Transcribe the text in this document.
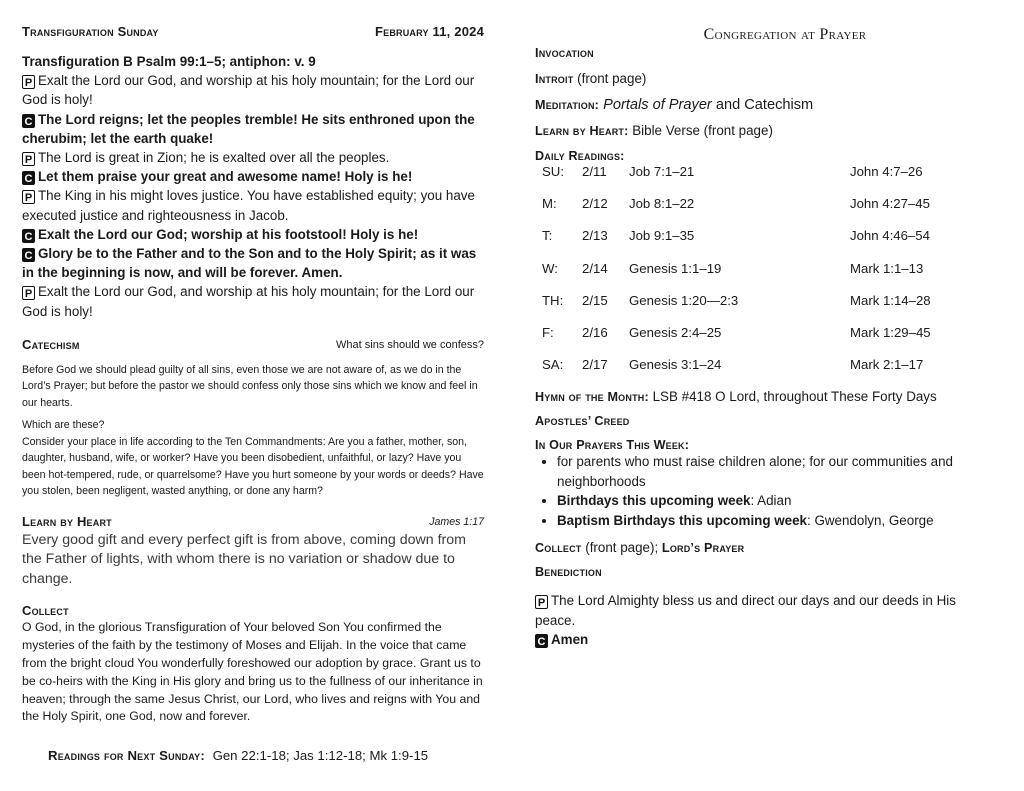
Transfiguration Sunday	February 11, 2024

Transfiguration B Psalm 99:1–5; antiphon: v. 9

P Exalt the Lord our God, and worship at his holy mountain; for the Lord our God is holy!

C The Lord reigns; let the peoples tremble! He sits enthroned upon the cherubim; let the earth quake!

P The Lord is great in Zion; he is exalted over all the peoples.

C Let them praise your great and awesome name! Holy is he!

P The King in his might loves justice. You have established equity; you have executed justice and righteousness in Jacob.

C Exalt the Lord our God; worship at his footstool! Holy is he!

C Glory be to the Father and to the Son and to the Holy Spirit; as it was in the beginning is now, and will be forever. Amen.

P Exalt the Lord our God, and worship at his holy mountain; for the Lord our God is holy!

Catechism	What sins should we confess?

Before God we should plead guilty of all sins, even those we are not aware of, as we do in the Lord’s Prayer; but before the pastor we should confess only those sins which we know and feel in our hearts.

Which are these?

Consider your place in life according to the Ten Commandments: Are you a father, mother, son, daughter, husband, wife, or worker? Have you been disobedient, unfaithful, or lazy? Have you been hot-tempered, rude, or quarrelsome? Have you hurt someone by your words or deeds? Have you stolen, been negligent, wasted anything, or done any harm?

Learn by Heart	James 1:17
Every good gift and every perfect gift is from above, coming down from the Father of lights, with whom there is no variation or shadow due to change.
Collect
O God, in the glorious Transfiguration of Your beloved Son You confirmed the mysteries of the faith by the testimony of Moses and Elijah. In the voice that came from the bright cloud You wonderfully foreshowed our adoption by grace. Grant us to be co-heirs with the King in His glory and bring us to the fullness of our inheritance in heaven; through the same Jesus Christ, our Lord, who lives and reigns with You and the Holy Spirit, one God, now and forever.
Readings for Next Sunday: Gen 22:1-18; Jas 1:12-18; Mk 1:9-15
Congregation at Prayer
Invocation
Introit (front page)
Meditation: Portals of Prayer and Catechism
Learn by Heart: Bible Verse (front page)
Daily Readings:
SU:	2/11	Job 7:1–21	John 4:7–26
M:	2/12	Job 8:1–22	John 4:27–45
T:	2/13	Job 9:1–35	John 4:46–54
W:	2/14	Genesis 1:1–19	Mark 1:1–13
TH:	2/15	Genesis 1:20—2:3	Mark 1:14–28
F:	2/16	Genesis 2:4–25	Mark 1:29–45
SA:	2/17	Genesis 3:1–24	Mark 2:1–17
Hymn of the Month: LSB #418 O Lord, throughout These Forty Days
Apostles’ Creed
In Our Prayers This Week:
• for parents who must raise children alone; for our communities and neighborhoods
• Birthdays this upcoming week: Adian
• Baptism Birthdays this upcoming week: Gwendolyn, George
Collect (front page); Lord’s Prayer
Benediction

P The Lord Almighty bless us and direct our days and our deeds in His peace.

C Amen
